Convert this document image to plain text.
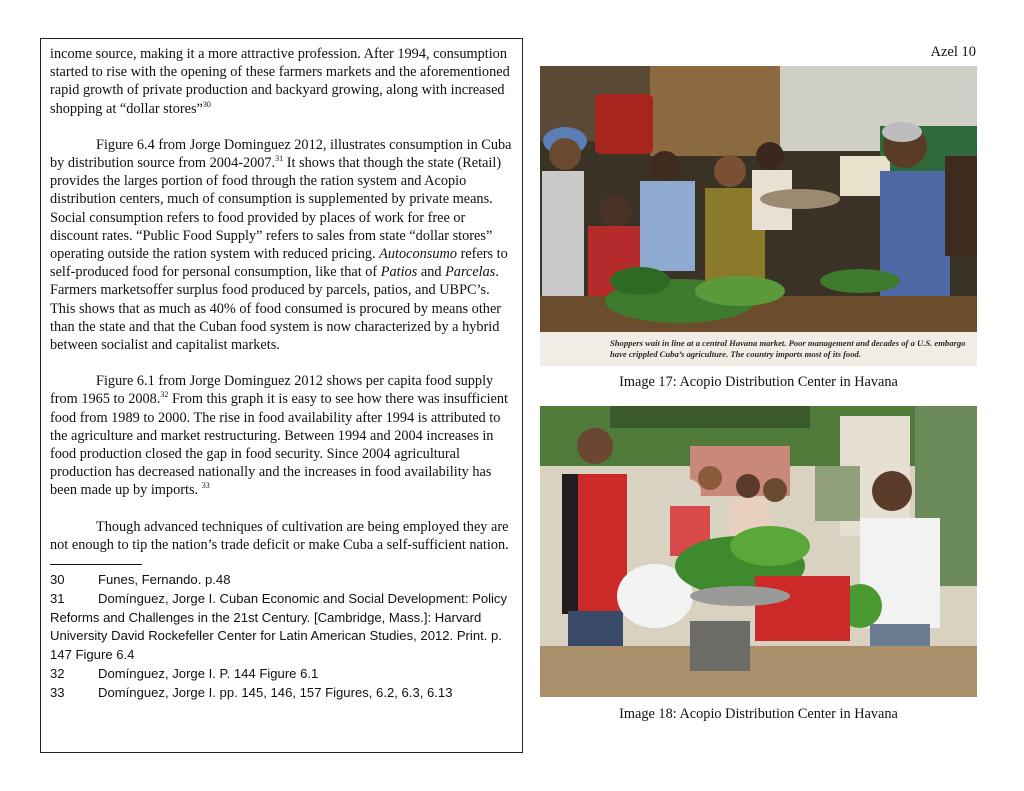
income source, making it a more attractive profession. After 1994, consumption started to rise with the opening of these farmers markets and the aforementioned rapid growth of private production and backyard growing, along with increased shopping at “dollar stores”$^{30}$

Figure 6.4 from Jorge Dominguez 2012, illustrates consumption in Cuba by distribution source from 2004-2007.31 It shows that though the state (Retail) provides the larges portion of food through the ration system and Acopio distribution centers, much of consumption is supplemented by private means. Social consumption refers to food provided by places of work for free or discount rates. “Public Food Supply” refers to sales from state “dollar stores” operating outside the ration system with reduced pricing. Autoconsumo refers to self-produced food for personal consumption, like that of Patios and Parcelas. Farmers marketsoffer surplus food produced by parcels, patios, and UBPC’s. This shows that as much as 40% of food consumed is procured by means other than the state and that the Cuban food system is now characterized by a hybrid between socialist and capitalist markets.

Figure 6.1 from Jorge Dominguez 2012 shows per capita food supply from 1965 to 2008.32 From this graph it is easy to see how there was insufficient food from 1989 to 2000. The rise in food availability after 1994 is attributed to the agriculture and market restructuring. Between 1994 and 2004 increases in food production closed the gap in food security. Since 2004 agricultural production has decreased nationally and the increases in food availability has been made up by imports. $^{33}$

Though advanced techniques of cultivation are being employed they are not enough to tip the nation’s trade deficit or make Cuba a self-sufficient nation.

30	Funes, Fernando. p.48
31	Domínguez, Jorge I. Cuban Economic and Social Development: Policy Reforms and Challenges in the 21st Century. [Cambridge, Mass.]: Harvard University David Rockefeller Center for Latin American Studies, 2012. Print. p. 147 Figure 6.4
32	Domínguez, Jorge I. P. 144 Figure 6.1
33	Domínguez, Jorge I. pp. 145, 146, 157 Figures, 6.2, 6.3, 6.13
Azel 10
Shoppers wait in line at a central Havana market. Poor management and decades of a U.S. embargo have crippled Cuba’s agriculture. The country imports most of its food.
Image 17: Acopio Distribution Center in Havana
Image 18: Acopio Distribution Center in Havana
